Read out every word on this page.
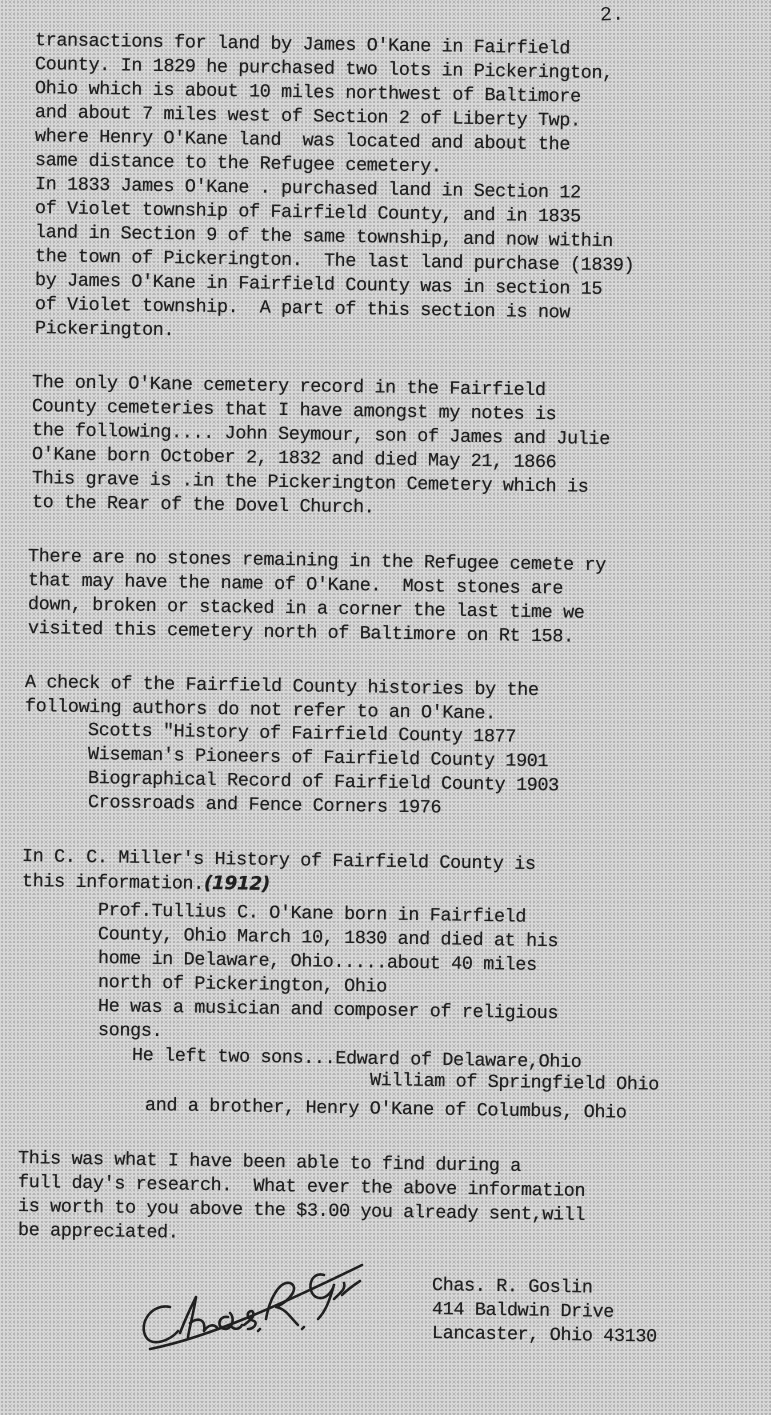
2.
transactions for land by James O'Kane in Fairfield
County. In 1829 he purchased two lots in Pickerington,
Ohio which is about 10 miles northwest of Baltimore
and about 7 miles west of Section 2 of Liberty Twp.
where Henry O'Kane land  was located and about the
same distance to the Refugee cemetery.
In 1833 James O'Kane . purchased land in Section 12
of Violet township of Fairfield County, and in 1835
land in Section 9 of the same township, and now within
the town of Pickerington.  The last land purchase (1839)
by James O'Kane in Fairfield County was in section 15
of Violet township.  A part of this section is now
Pickerington.
The only O'Kane cemetery record in the Fairfield
County cemeteries that I have amongst my notes is
the following.... John Seymour, son of James and Julie
O'Kane born October 2, 1832 and died May 21, 1866
This grave is .in the Pickerington Cemetery which is
to the Rear of the Dovel Church.
There are no stones remaining in the Refugee cemete ry
that may have the name of O'Kane.  Most stones are
down, broken or stacked in a corner the last time we
visited this cemetery north of Baltimore on Rt 158.
A check of the Fairfield County histories by the
following authors do not refer to an O'Kane.
Scotts "History of Fairfield County 1877
Wiseman's Pioneers of Fairfield County 1901
Biographical Record of Fairfield County 1903
Crossroads and Fence Corners 1976
In C. C. Miller's History of Fairfield County is
this information.(1912)
Prof.Tullius C. O'Kane born in Fairfield
County, Ohio March 10, 1830 and died at his
home in Delaware, Ohio.....about 40 miles
north of Pickerington, Ohio
He was a musician and composer of religious
songs.
He left two sons...Edward of Delaware,Ohio
William of Springfield Ohio
and a brother, Henry O'Kane of Columbus, Ohio
This was what I have been able to find during a
full day's research.  What ever the above information
is worth to you above the $3.00 you already sent,will
be appreciated.
Chas. R. Goslin
414 Baldwin Drive
Lancaster, Ohio 43130
